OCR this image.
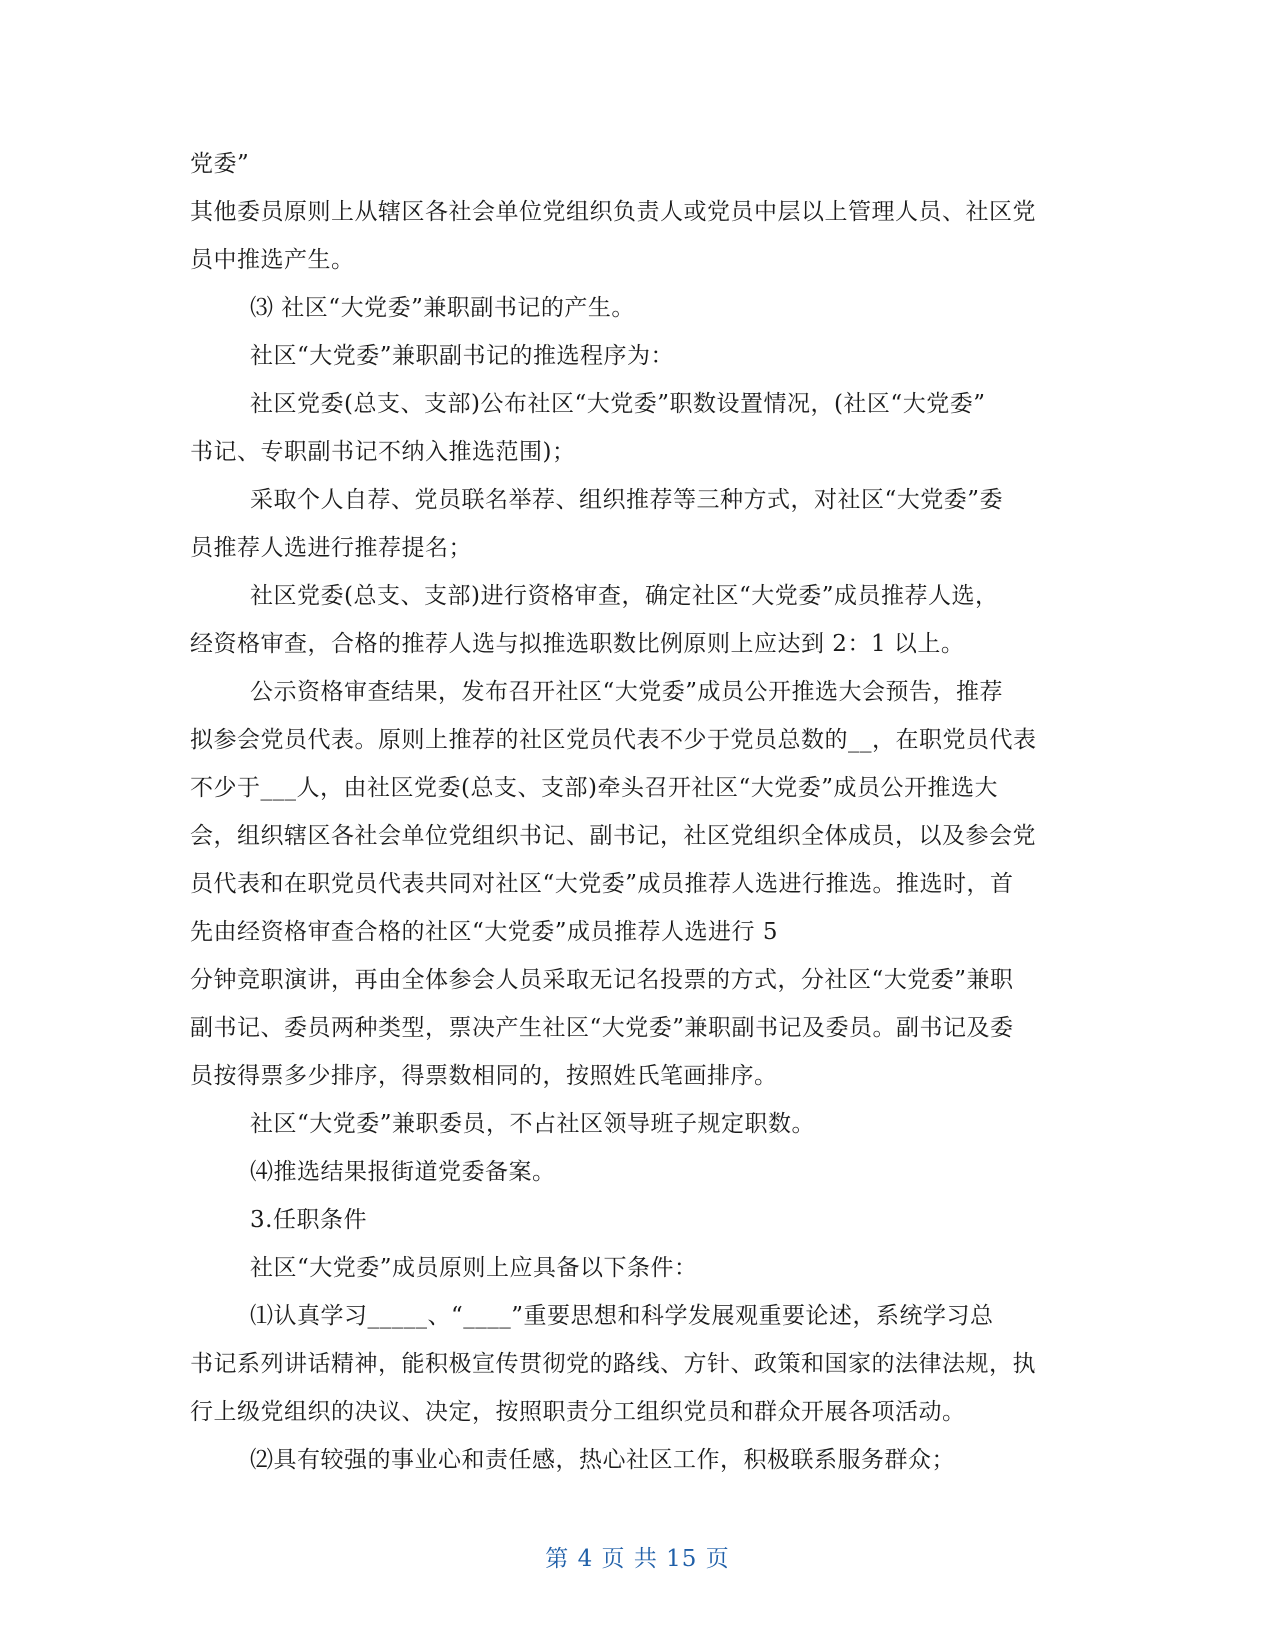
党委”

其他委员原则上从辖区各社会单位党组织负责人或党员中层以上管理人员、社区党

员中推选产生。

⑶ 社区“大党委”兼职副书记的产生。

社区“大党委”兼职副书记的推选程序为：

社区党委(总支、支部)公布社区“大党委”职数设置情况，(社区“大党委”

书记、专职副书记不纳入推选范围)；

采取个人自荐、党员联名举荐、组织推荐等三种方式，对社区“大党委”委

员推荐人选进行推荐提名；

社区党委(总支、支部)进行资格审查，确定社区“大党委”成员推荐人选，

经资格审查，合格的推荐人选与拟推选职数比例原则上应达到 2：1 以上。

公示资格审查结果，发布召开社区“大党委”成员公开推选大会预告，推荐

拟参会党员代表。原则上推荐的社区党员代表不少于党员总数的__，在职党员代表

不少于___人，由社区党委(总支、支部)牵头召开社区“大党委”成员公开推选大

会，组织辖区各社会单位党组织书记、副书记，社区党组织全体成员，以及参会党

员代表和在职党员代表共同对社区“大党委”成员推荐人选进行推选。推选时，首

先由经资格审查合格的社区“大党委”成员推荐人选进行 5

分钟竞职演讲，再由全体参会人员采取无记名投票的方式，分社区“大党委”兼职

副书记、委员两种类型，票决产生社区“大党委”兼职副书记及委员。副书记及委

员按得票多少排序，得票数相同的，按照姓氏笔画排序。

社区“大党委”兼职委员，不占社区领导班子规定职数。

⑷推选结果报街道党委备案。

3.任职条件

社区“大党委”成员原则上应具备以下条件：

⑴认真学习_____、“____”重要思想和科学发展观重要论述，系统学习总

书记系列讲话精神，能积极宣传贯彻党的路线、方针、政策和国家的法律法规，执

行上级党组织的决议、决定，按照职责分工组织党员和群众开展各项活动。

⑵具有较强的事业心和责任感，热心社区工作，积极联系服务群众；

第 4 页 共 15 页
